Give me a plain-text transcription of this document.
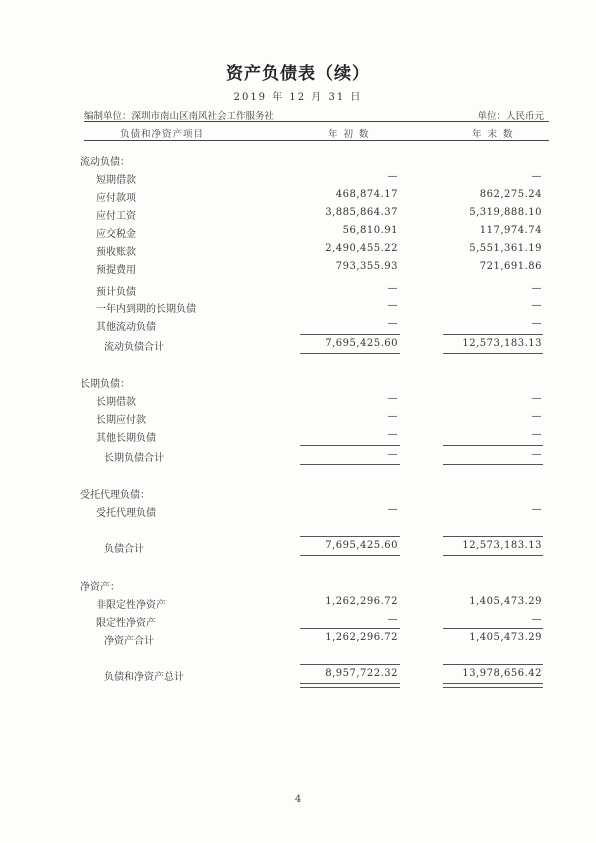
资产负债表（续）
2019 年 12 月 31 日
编制单位：深圳市南山区南风社会工作服务社	单位：人民币元
负债和净资产项目	年初数	年末数
流动负债：
短期借款	—	—
应付款项	468,874.17	862,275.24
应付工资	3,885,864.37	5,319,888.10
应交税金	56,810.91	117,974.74
预收账款	2,490,455.22	5,551,361.19
预提费用	793,355.93	721,691.86
预计负债	—	—
一年内到期的长期负债	—	—
其他流动负债	—	—
流动负债合计	7,695,425.60	12,573,183.13
长期负债：
长期借款	—	—
长期应付款	—	—
其他长期负债	—	—
长期负债合计	—	—
受托代理负债：
受托代理负债	—	—
负债合计	7,695,425.60	12,573,183.13
净资产：
非限定性净资产	1,262,296.72	1,405,473.29
限定性净资产	—	—
净资产合计	1,262,296.72	1,405,473.29
负债和净资产总计	8,957,722.32	13,978,656.42
4
